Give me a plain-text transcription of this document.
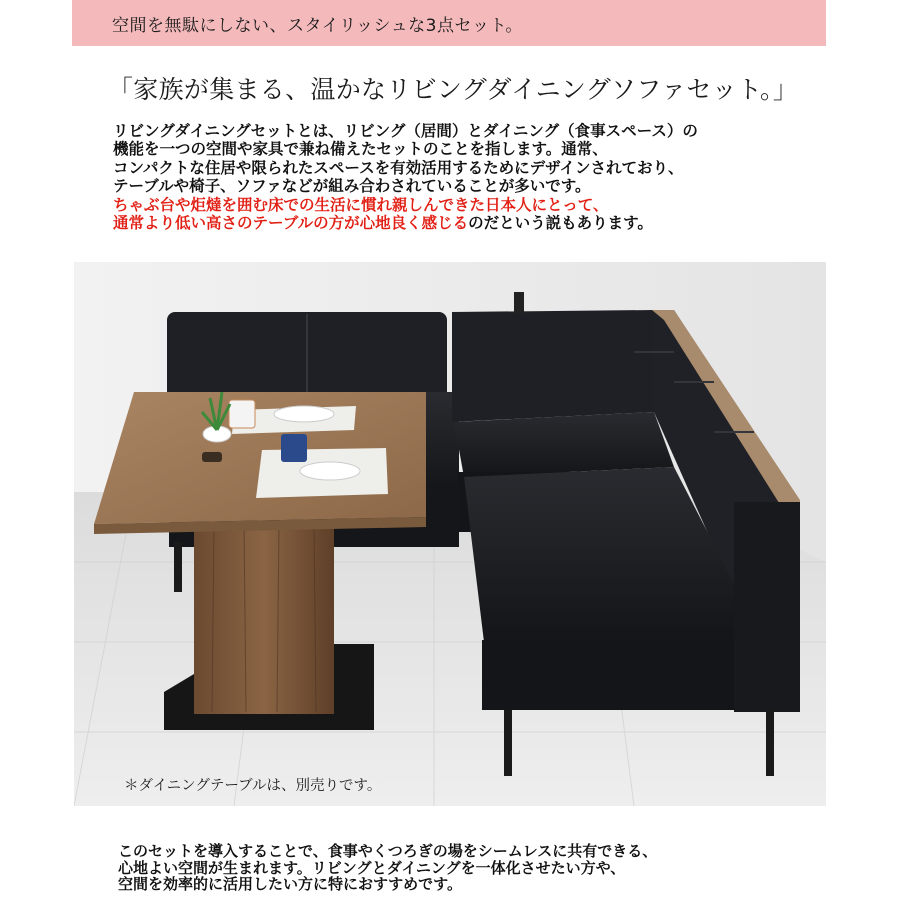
空間を無駄にしない、スタイリッシュな3点セット。
「家族が集まる、温かなリビングダイニングソファセット。」
リビングダイニングセットとは、リビング（居間）とダイニング（食事スペース）の
機能を一つの空間や家具で兼ね備えたセットのことを指します。通常、
コンパクトな住居や限られたスペースを有効活用するためにデザインされており、
テーブルや椅子、ソファなどが組み合わされていることが多いです。
ちゃぶ台や炬燵を囲む床での生活に慣れ親しんできた日本人にとって、
通常より低い高さのテーブルの方が心地良く感じるのだという説もあります。
＊ダイニングテーブルは、別売りです。
このセットを導入することで、食事やくつろぎの場をシームレスに共有できる、
心地よい空間が生まれます。リビングとダイニングを一体化させたい方や、
空間を効率的に活用したい方に特におすすめです。
